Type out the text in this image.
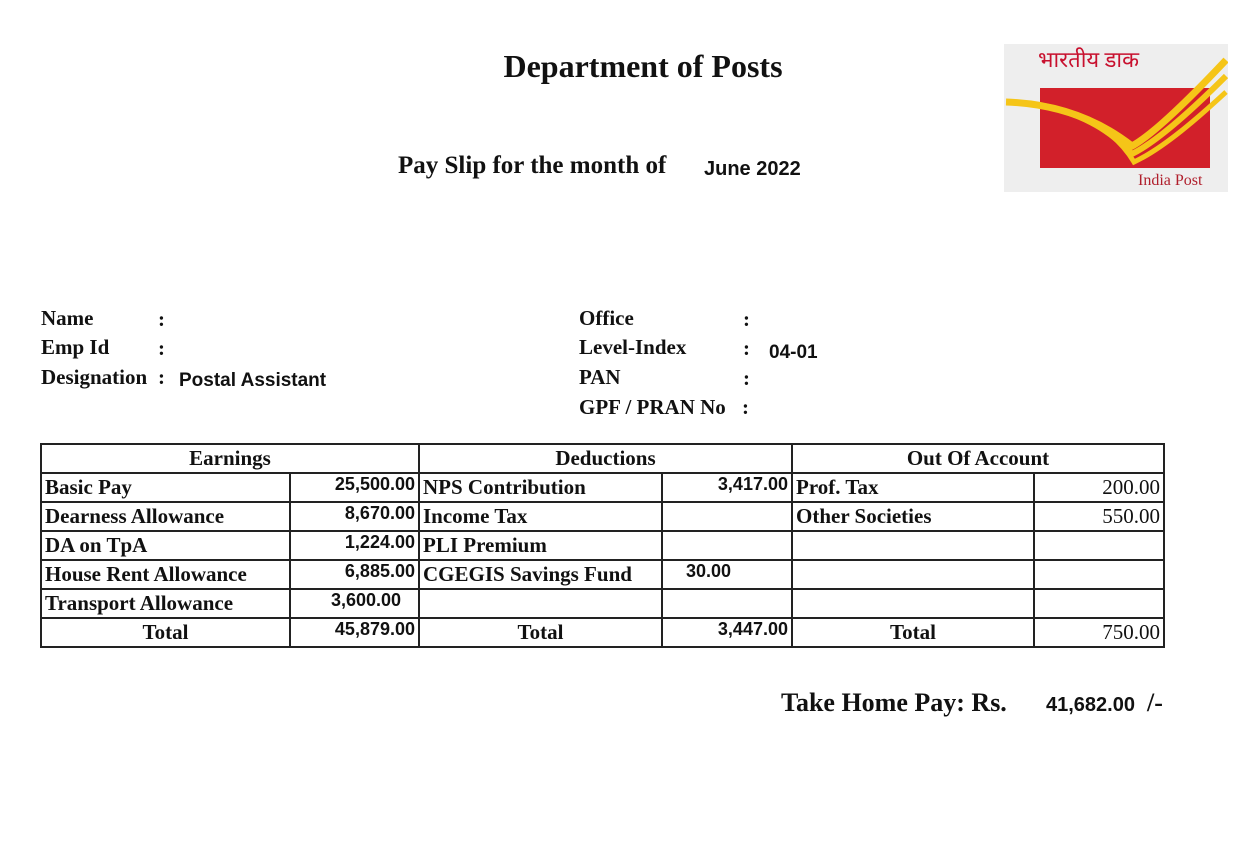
Department of Posts
Pay Slip for the month of June 2022
भारतीय डाक
India Post
Name	:
Emp Id :
Designation : Postal Assistant
Office	:
Level-Index	: 04-01
PAN	:
GPF / PRAN No :
Earnings		Deductions		Out Of Account	
Basic Pay	25,500.00	NPS Contribution	3,417.00	Prof. Tax	200.00
Dearness Allowance	8,670.00	Income Tax		Other Societies	550.00
DA on TpA	1,224.00	PLI Premium			
House Rent Allowance	6,885.00	CGEGIS Savings Fund	30.00		
Transport Allowance	3,600.00				
Total	45,879.00	Total	3,447.00	Total	750.00
Take Home Pay: Rs. 41,682.00 /-
